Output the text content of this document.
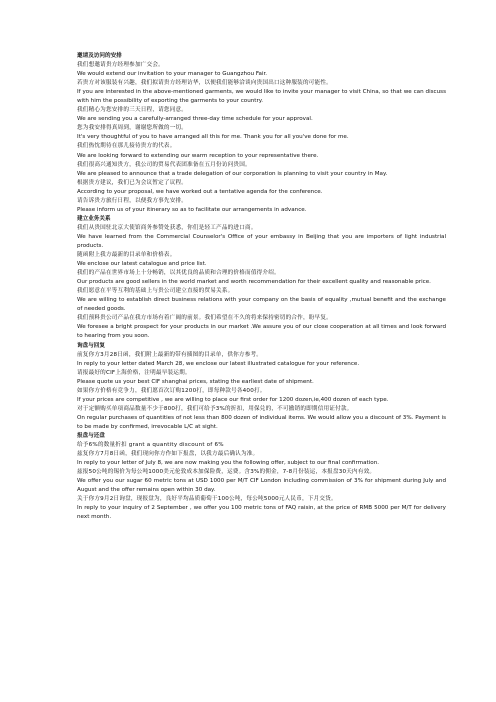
邀请及访问的安排

我们想邀请贵方经理参加广交会。

We would extend our invitation to your manager to Guangzhou Fair.

若贵方对该服装有兴趣，我们拟请贵方经理访华，以便我们能够洽谈向贵国出口这种服装的可能性。

If you are interested in the above-mentioned garments, we would like to invite your manager to visit China, so that we can discuss with him the possibility of exporting the garments to your country.

我们精心为您安排的三天日程，请您同意。

We are sending you a carefully-arranged three-day time schedule for your approval.

您为我安排得真周到，谢谢您所做的一切。

It's very thoughtful of you to have arranged all this for me. Thank you for all you've done for me.

我们热忱期待在那儿接待贵方的代表。

We are looking forward to extending our warm reception to your representative there.

我们很高兴通知贵方，我公司的贸易代表团准备在五月份访问贵国。

We are pleased to announce that a trade delegation of our corporation is planning to visit your country in May.

根据贵方建议，我们已为会议暂定了议程。

According to your proposal, we have worked out a tentative agenda for the conference.

请告诉贵方旅行日程，以便我方事先安排。

Please inform us of your itinerary so as to facilitate our arrangements in advance.

建立业务关系

我们从贵国驻北京大使馆商务参赞处获悉，你们是轻工产品的进口商。

We have learned from the Commercial Counselor's Office of your embassy in Beijing that you are importers of light industrial products.

随函附上我方最新的目录单和价格表。

We enclose our latest catalogue and price list.

我们的产品在世界市场上十分畅销，以其优良的品质和合理的价格而值得介绍。

Our products are good sellers in the world market and worth recommendation for their excellent quality and reasonable price.

我们愿意在平等互利的基础上与贵公司建立直接的贸易关系。

We are willing to establish direct business relations with your company on the basis of equality ,mutual benefit and the exchange of needed goods.

我们预料贵公司产品在我方市场有着广阔的前景。我们希望在不久的将来保持密切的合作，盼早复。

We foresee a bright prospect for your products in our market .We assure you of our close cooperation at all times and look forward to hearing from you soon.

询盘与回复

前复你方3月28日函，我们附上最新的带有插图的目录单，供你方参考。

In reply to your letter dated March 28, we enclose our latest illustrated catalogue for your reference.

请报最好的CIF上海价格，注明最早装运期。

Please quote us your best CIF shanghai prices, stating the earliest date of shipment.

如果你方价格有竞争力，我们愿首次订购1200打，即每种款号各400打。

If your prices are competitive , we are willing to place our first order for 1200 dozen,ie,400 dozen of each type.

对于定额购买单项商品数量不少于800打，我们可给予3%的折扣，用保兑的，不可撤销的即期信用证付款。

On regular purchases of quantities of not less than 800 dozen of individual items. We would allow you a discount of 3%. Payment is to be made by confirmed, irrevocable L/C at sight.

报盘与还盘

给予6%的数量折扣 grant a quantity discount of 6%

兹复你方7月8日函，我们现向你方作如下报盘，以我方最后确认为准。

In reply to your letter of July 8, we are now making you the following offer, subject to our final confirmation.

兹报50公吨的锡价为每公吨1000美元伦敦成本加保险费，运费。含3%的佣金，7-8月份装运，本报盘30天内有效。

We offer you our sugar 60 metric tons at USD 1000 per M/T CIF London including commission of 3% for shipment during July and August and the offer remains open within 30 day.

关于你方9月2日询盘，现报盘为，良好平均品质葡萄干100公吨，每公吨5000元人民币，下月交货。

In reply to your inquiry of 2 September , we offer you 100 metric tons of FAQ raisin, at the price of RMB 5000 per M/T for delivery next month.
